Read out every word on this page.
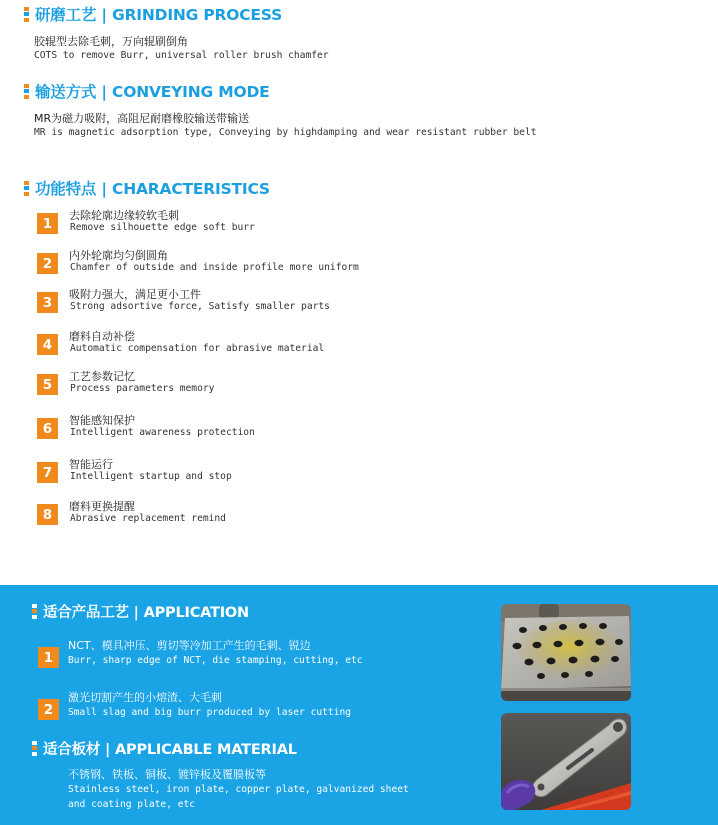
研磨工艺 | GRINDING PROCESS
胶辊型去除毛刺，万向辊刷倒角
COTS to remove Burr, universal roller brush chamfer
输送方式 | CONVEYING MODE
MR为磁力吸附，高阻尼耐磨橡胶输送带输送
MR is magnetic adsorption type, Conveying by highdamping and wear resistant rubber belt
功能特点 | CHARACTERISTICS
1	去除轮廓边缘较软毛刺
Remove silhouette edge soft burr
2	内外轮廓均匀倒圆角
Chamfer of outside and inside profile more uniform
3	吸附力强大，满足更小工件
Strong adsortive force, Satisfy smaller parts
4	磨料自动补偿
Automatic compensation for abrasive material
5	工艺参数记忆
Process parameters memory
6	智能感知保护
Intelligent awareness protection
7	智能运行
Intelligent startup and stop
8	磨料更换提醒
Abrasive replacement remind
适合产品工艺 | APPLICATION
1
NCT、模具冲压、剪切等冷加工产生的毛刺、锐边
Burr, sharp edge of NCT, die stamping, cutting, etc
2
激光切割产生的小熔渣、大毛刺
Small slag and big burr produced by laser cutting
适合板材 | APPLICABLE MATERIAL
不锈钢、铁板、铜板、镀锌板及覆膜板等
Stainless steel, iron plate, copper plate, galvanized sheet
and coating plate, etc
